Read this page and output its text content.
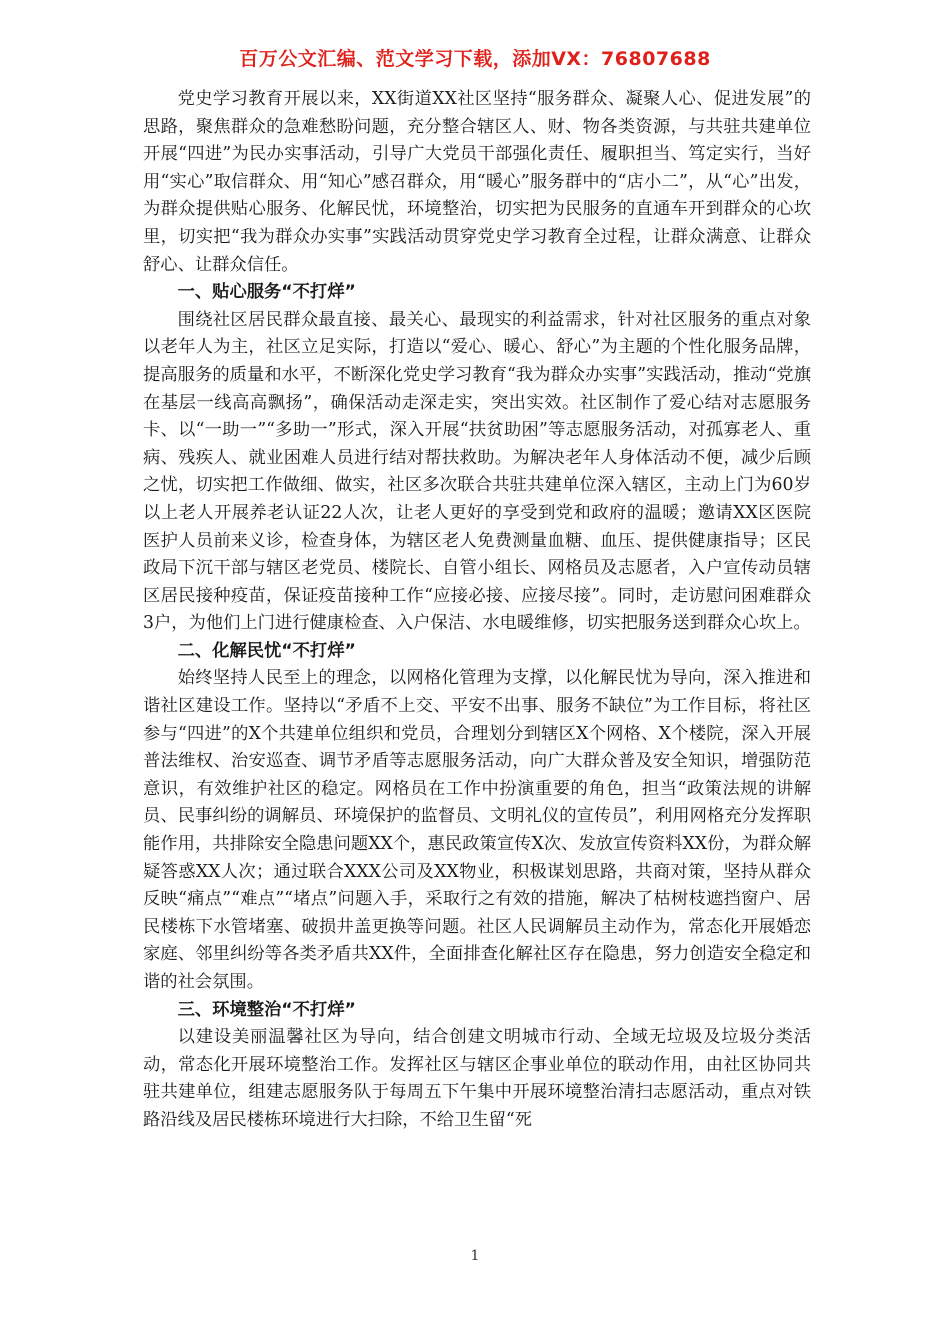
百万公文汇编、范文学习下载，添加VX：76807688

党史学习教育开展以来，XX街道XX社区坚持“服务群众、凝聚人心、促进发展”的思路，聚焦群众的急难愁盼问题，充分整合辖区人、财、物各类资源，与共驻共建单位开展“四进”为民办实事活动，引导广大党员干部强化责任、履职担当、笃定实行，当好用“实心”取信群众、用“知心”感召群众，用“暖心”服务群中的“店小二”，从“心”出发，为群众提供贴心服务、化解民忧，环境整治，切实把为民服务的直通车开到群众的心坎里，切实把“我为群众办实事”实践活动贯穿党史学习教育全过程，让群众满意、让群众舒心、让群众信任。

一、贴心服务“不打烊”

围绕社区居民群众最直接、最关心、最现实的利益需求，针对社区服务的重点对象以老年人为主，社区立足实际，打造以“爱心、暖心、舒心”为主题的个性化服务品牌，提高服务的质量和水平，不断深化党史学习教育“我为群众办实事”实践活动，推动“党旗在基层一线高高飘扬”，确保活动走深走实，突出实效。社区制作了爱心结对志愿服务卡、以“一助一”“多助一”形式，深入开展“扶贫助困”等志愿服务活动，对孤寡老人、重病、残疾人、就业困难人员进行结对帮扶救助。为解决老年人身体活动不便，减少后顾之忧，切实把工作做细、做实，社区多次联合共驻共建单位深入辖区，主动上门为60岁以上老人开展养老认证22人次，让老人更好的享受到党和政府的温暖；邀请XX区医院医护人员前来义诊，检查身体，为辖区老人免费测量血糖、血压、提供健康指导；区民政局下沉干部与辖区老党员、楼院长、自管小组长、网格员及志愿者，入户宣传动员辖区居民接种疫苗，保证疫苗接种工作“应接必接、应接尽接”。同时，走访慰问困难群众3户，为他们上门进行健康检查、入户保洁、水电暖维修，切实把服务送到群众心坎上。

二、化解民忧“不打烊”

始终坚持人民至上的理念，以网格化管理为支撑，以化解民忧为导向，深入推进和谐社区建设工作。坚持以“矛盾不上交、平安不出事、服务不缺位”为工作目标，将社区参与“四进”的X个共建单位组织和党员，合理划分到辖区X个网格、X个楼院，深入开展普法维权、治安巡查、调节矛盾等志愿服务活动，向广大群众普及安全知识，增强防范意识，有效维护社区的稳定。网格员在工作中扮演重要的角色，担当“政策法规的讲解员、民事纠纷的调解员、环境保护的监督员、文明礼仪的宣传员”，利用网格充分发挥职能作用，共排除安全隐患问题XX个，惠民政策宣传X次、发放宣传资料XX份，为群众解疑答惑XX人次；通过联合XXX公司及XX物业，积极谋划思路，共商对策，坚持从群众反映“痛点”“难点”“堵点”问题入手，采取行之有效的措施，解决了枯树枝遮挡窗户、居民楼栋下水管堵塞、破损井盖更换等问题。社区人民调解员主动作为，常态化开展婚恋家庭、邻里纠纷等各类矛盾共XX件，全面排查化解社区存在隐患，努力创造安全稳定和谐的社会氛围。

三、环境整治“不打烊”

以建设美丽温馨社区为导向，结合创建文明城市行动、全域无垃圾及垃圾分类活动，常态化开展环境整治工作。发挥社区与辖区企事业单位的联动作用，由社区协同共驻共建单位，组建志愿服务队于每周五下午集中开展环境整治清扫志愿活动，重点对铁路沿线及居民楼栋环境进行大扫除，不给卫生留“死

1
